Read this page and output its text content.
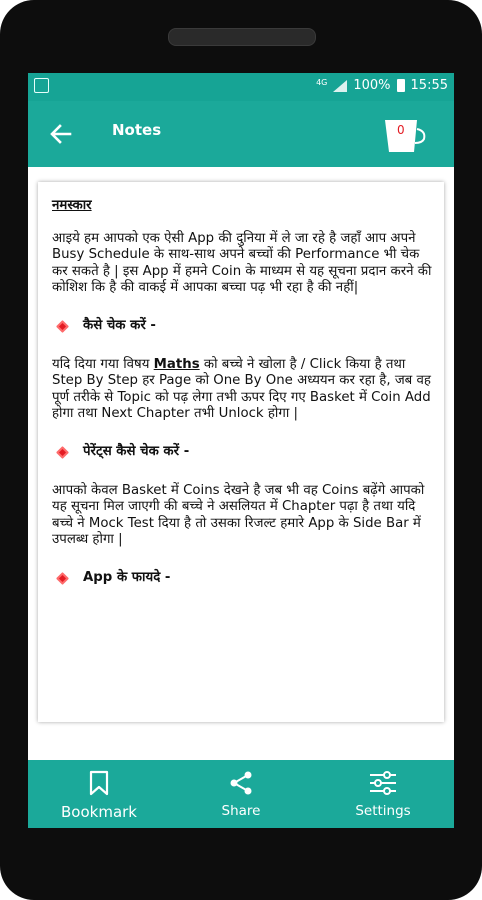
4G 100% 15:55
Notes	0
नमस्कार

आइये हम आपको एक ऐसी App की दुनिया में ले जा रहे है जहाँ आप अपने Busy Schedule के साथ-साथ अपने बच्चों की Performance भी चेक कर सकते है | इस App में हमने Coin के माध्यम से यह सूचना प्रदान करने की कोशिश कि है की वाकई में आपका बच्चा पढ़ भी रहा है की नहीं|

कैसे चेक करें -

यदि दिया गया विषय Maths को बच्चे ने खोला है / Click किया है तथा Step By Step हर Page को One By One अध्ययन कर रहा है, जब वह पूर्ण तरीके से Topic को पढ़ लेगा तभी ऊपर दिए गए Basket में Coin Add होगा तथा Next Chapter तभी Unlock होगा |

पेरेंट्स कैसे चेक करें -

आपको केवल Basket में Coins देखने है जब भी वह Coins बढ़ेंगे आपको यह सूचना मिल जाएगी की बच्चे ने असलियत में Chapter पढ़ा है तथा यदि बच्चे ने Mock Test दिया है तो उसका रिजल्ट हमारे App के Side Bar में उपलब्ध होगा |

App के फायदे -
Bookmark	Share	Settings
